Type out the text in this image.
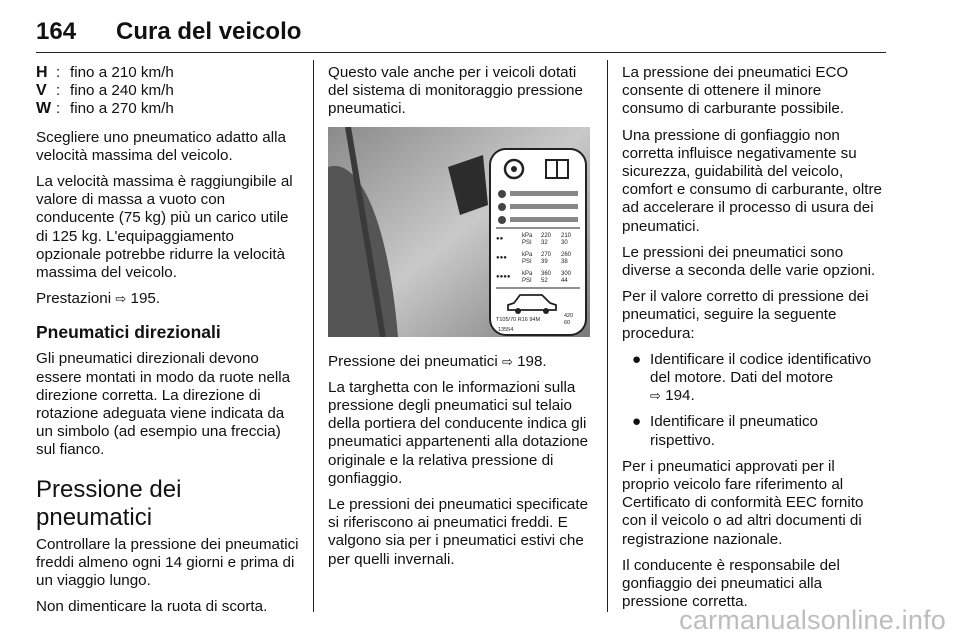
164 Cura del veicolo
H : fino a 210 km/h
V : fino a 240 km/h
W : fino a 270 km/h

Scegliere uno pneumatico adatto alla velocità massima del veicolo.

La velocità massima è raggiungibile al valore di massa a vuoto con conducente (75 kg) più un carico utile di 125 kg. L'equipaggiamento opzionale potrebbe ridurre la velocità massima del veicolo.

Prestazioni ⇨ 195.

Pneumatici direzionali

Gli pneumatici direzionali devono essere montati in modo da ruote nella direzione corretta. La direzione di rotazione adeguata viene indicata da un simbolo (ad esempio una freccia) sul fianco.

Pressione dei pneumatici

Controllare la pressione dei pneumatici freddi almeno ogni 14 giorni e prima di un viaggio lungo.

Non dimenticare la ruota di scorta.

Questo vale anche per i veicoli dotati del sistema di monitoraggio pressione pneumatici.

●●	kPa
PSI
220
32
210
30
●●●	kPa
PSI
270
39
260
38
●●●● kPa
PSI
360
52
300
44
T105/70 R16 94M
420
60
13554

Pressione dei pneumatici ⇨ 198.

La targhetta con le informazioni sulla pressione degli pneumatici sul telaio della portiera del conducente indica gli pneumatici appartenenti alla dotazione originale e la relativa pressione di gonfiaggio.

Le pressioni dei pneumatici specificate si riferiscono ai pneumatici freddi. E valgono sia per i pneumatici estivi che per quelli invernali.

La pressione dei pneumatici ECO consente di ottenere il minore consumo di carburante possibile.

Una pressione di gonfiaggio non corretta influisce negativamente su sicurezza, guidabilità del veicolo, comfort e consumo di carburante, oltre ad accelerare il processo di usura dei pneumatici.

Le pressioni dei pneumatici sono diverse a seconda delle varie opzioni.

Per il valore corretto di pressione dei pneumatici, seguire la seguente procedura:

● Identificare il codice identificativo del motore. Dati del motore
⇨ 194.
● Identificare il pneumatico rispettivo.

Per i pneumatici approvati per il proprio veicolo fare riferimento al Certificato di conformità EEC fornito con il veicolo o ad altri documenti di registrazione nazionale.

Il conducente è responsabile del gonfiaggio dei pneumatici alla pressione corretta.

carmanualsonline.info
